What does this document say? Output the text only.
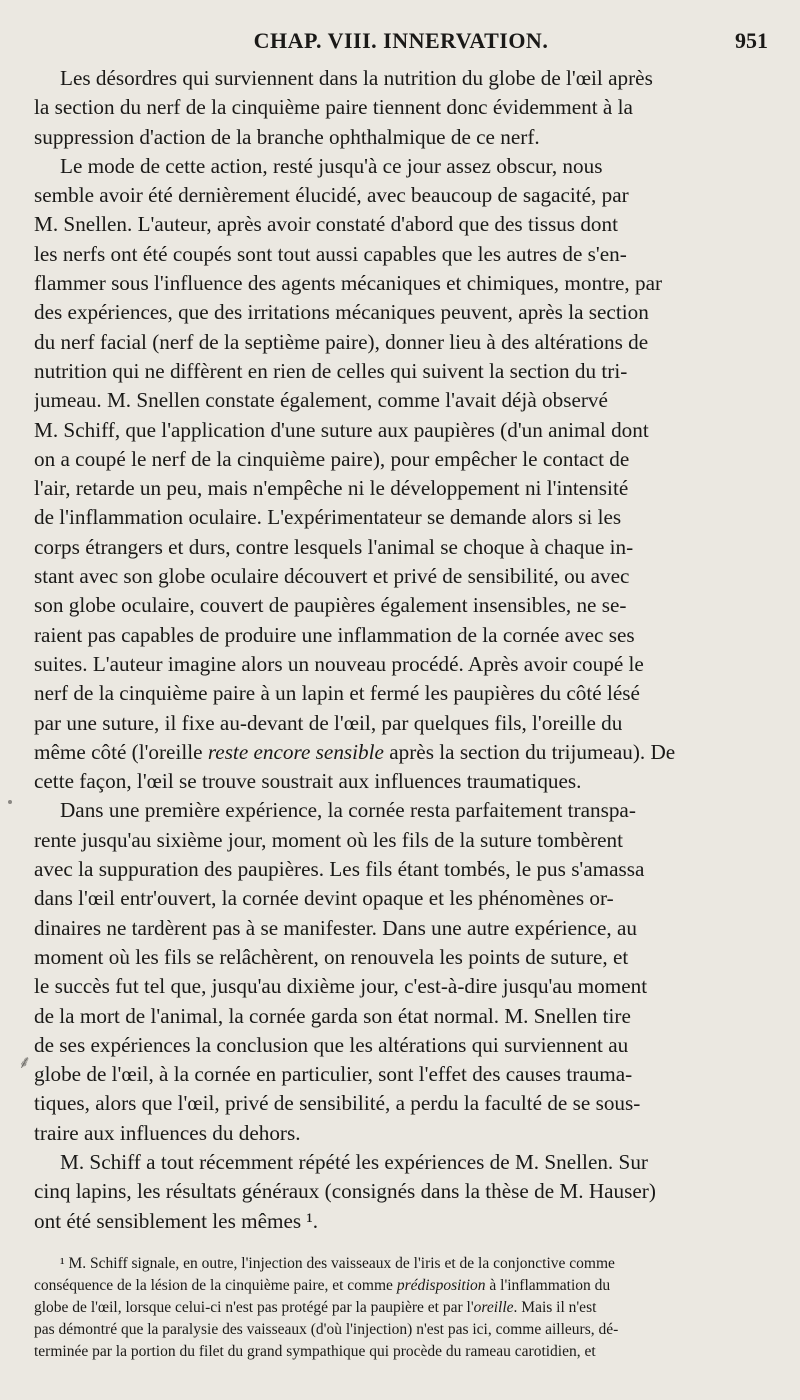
CHAP. VIII. INNERVATION.	951
Les désordres qui surviennent dans la nutrition du globe de l'œil après
la section du nerf de la cinquième paire tiennent donc évidemment à la
suppression d'action de la branche ophthalmique de ce nerf.
Le mode de cette action, resté jusqu'à ce jour assez obscur, nous
semble avoir été dernièrement élucidé, avec beaucoup de sagacité, par
M. Snellen. L'auteur, après avoir constaté d'abord que des tissus dont
les nerfs ont été coupés sont tout aussi capables que les autres de s'en-
flammer sous l'influence des agents mécaniques et chimiques, montre, par
des expériences, que des irritations mécaniques peuvent, après la section
du nerf facial (nerf de la septième paire), donner lieu à des altérations de
nutrition qui ne diffèrent en rien de celles qui suivent la section du tri-
jumeau. M. Snellen constate également, comme l'avait déjà observé
M. Schiff, que l'application d'une suture aux paupières (d'un animal dont
on a coupé le nerf de la cinquième paire), pour empêcher le contact de
l'air, retarde un peu, mais n'empêche ni le développement ni l'intensité
de l'inflammation oculaire. L'expérimentateur se demande alors si les
corps étrangers et durs, contre lesquels l'animal se choque à chaque in-
stant avec son globe oculaire découvert et privé de sensibilité, ou avec
son globe oculaire, couvert de paupières également insensibles, ne se-
raient pas capables de produire une inflammation de la cornée avec ses
suites. L'auteur imagine alors un nouveau procédé. Après avoir coupé le
nerf de la cinquième paire à un lapin et fermé les paupières du côté lésé
par une suture, il fixe au-devant de l'œil, par quelques fils, l'oreille du
même côté (l'oreille reste encore sensible après la section du trijumeau). De
cette façon, l'œil se trouve soustrait aux influences traumatiques.
Dans une première expérience, la cornée resta parfaitement transpa-
rente jusqu'au sixième jour, moment où les fils de la suture tombèrent
avec la suppuration des paupières. Les fils étant tombés, le pus s'amassa
dans l'œil entr'ouvert, la cornée devint opaque et les phénomènes or-
dinaires ne tardèrent pas à se manifester. Dans une autre expérience, au
moment où les fils se relâchèrent, on renouvela les points de suture, et
le succès fut tel que, jusqu'au dixième jour, c'est-à-dire jusqu'au moment
de la mort de l'animal, la cornée garda son état normal. M. Snellen tire
de ses expériences la conclusion que les altérations qui surviennent au
globe de l'œil, à la cornée en particulier, sont l'effet des causes trauma-
tiques, alors que l'œil, privé de sensibilité, a perdu la faculté de se sous-
traire aux influences du dehors.
M. Schiff a tout récemment répété les expériences de M. Snellen. Sur
cinq lapins, les résultats généraux (consignés dans la thèse de M. Hauser)
ont été sensiblement les mêmes ¹.
¹ M. Schiff signale, en outre, l'injection des vaisseaux de l'iris et de la conjonctive comme
conséquence de la lésion de la cinquième paire, et comme prédisposition à l'inflammation du
globe de l'œil, lorsque celui-ci n'est pas protégé par la paupière et par l'oreille. Mais il n'est
pas démontré que la paralysie des vaisseaux (d'où l'injection) n'est pas ici, comme ailleurs, dé-
terminée par la portion du filet du grand sympathique qui procède du rameau carotidien, et
⸙
